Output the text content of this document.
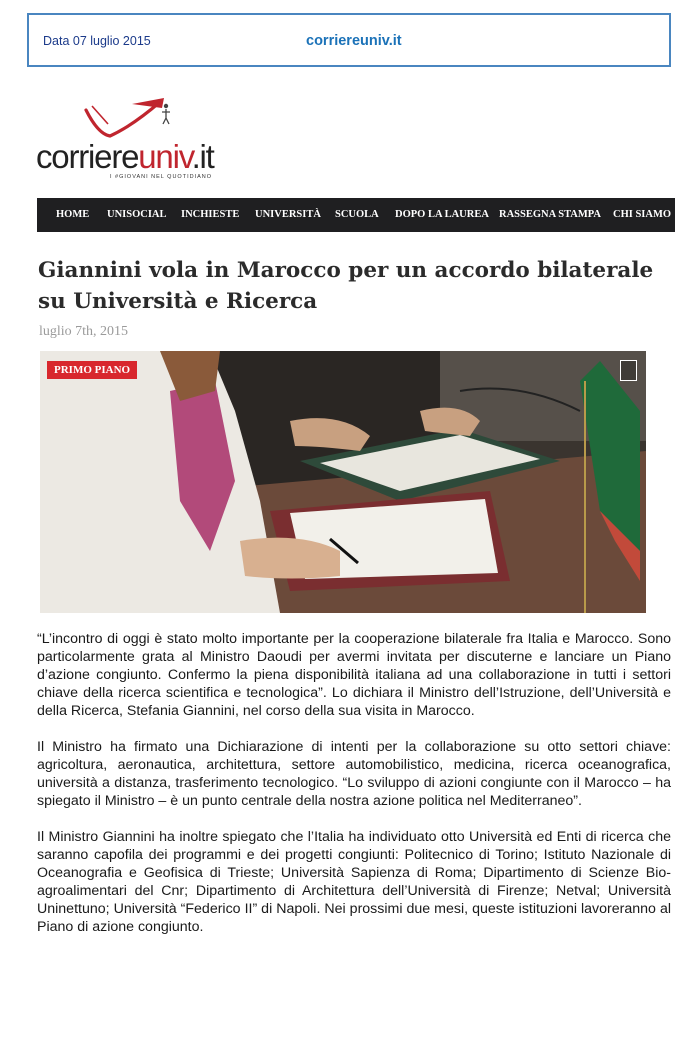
Data 07 luglio 2015	corriereuniv.it
corriereuniv.it
I #GIOVANI NEL QUOTIDIANO
HOME UNISOCIAL INCHIESTE UNIVERSITÀ SCUOLA DOPO LA LAUREA RASSEGNA STAMPA CHI SIAMO
Giannini vola in Marocco per un accordo bilaterale su Università e Ricerca
luglio 7th, 2015
PRIMO PIANO

“L’incontro di oggi è stato molto importante per la cooperazione bilaterale fra Italia e Marocco. Sono particolarmente grata al Ministro Daoudi per avermi invitata per discuterne e lanciare un Piano d’azione congiunto. Confermo la piena disponibilità italiana ad una collaborazione in tutti i settori chiave della ricerca scientifica e tecnologica”. Lo dichiara il Ministro dell’Istruzione, dell’Università e della Ricerca, Stefania Giannini, nel corso della sua visita in Marocco.

Il Ministro ha firmato una Dichiarazione di intenti per la collaborazione su otto settori chiave: agricoltura, aeronautica, architettura, settore automobilistico, medicina, ricerca oceanografica, università a distanza, trasferimento tecnologico. “Lo sviluppo di azioni congiunte con il Marocco – ha spiegato il Ministro – è un punto centrale della nostra azione politica nel Mediterraneo”.

Il Ministro Giannini ha inoltre spiegato che l’Italia ha individuato otto Università ed Enti di ricerca che saranno capofila dei programmi e dei progetti congiunti: Politecnico di Torino; Istituto Nazionale di Oceanografia e Geofisica di Trieste; Università Sapienza di Roma; Dipartimento di Scienze Bio-agroalimentari del Cnr; Dipartimento di Architettura dell’Università di Firenze; Netval; Università Uninettuno; Università “Federico II” di Napoli. Nei prossimi due mesi, queste istituzioni lavoreranno al Piano di azione congiunto.
